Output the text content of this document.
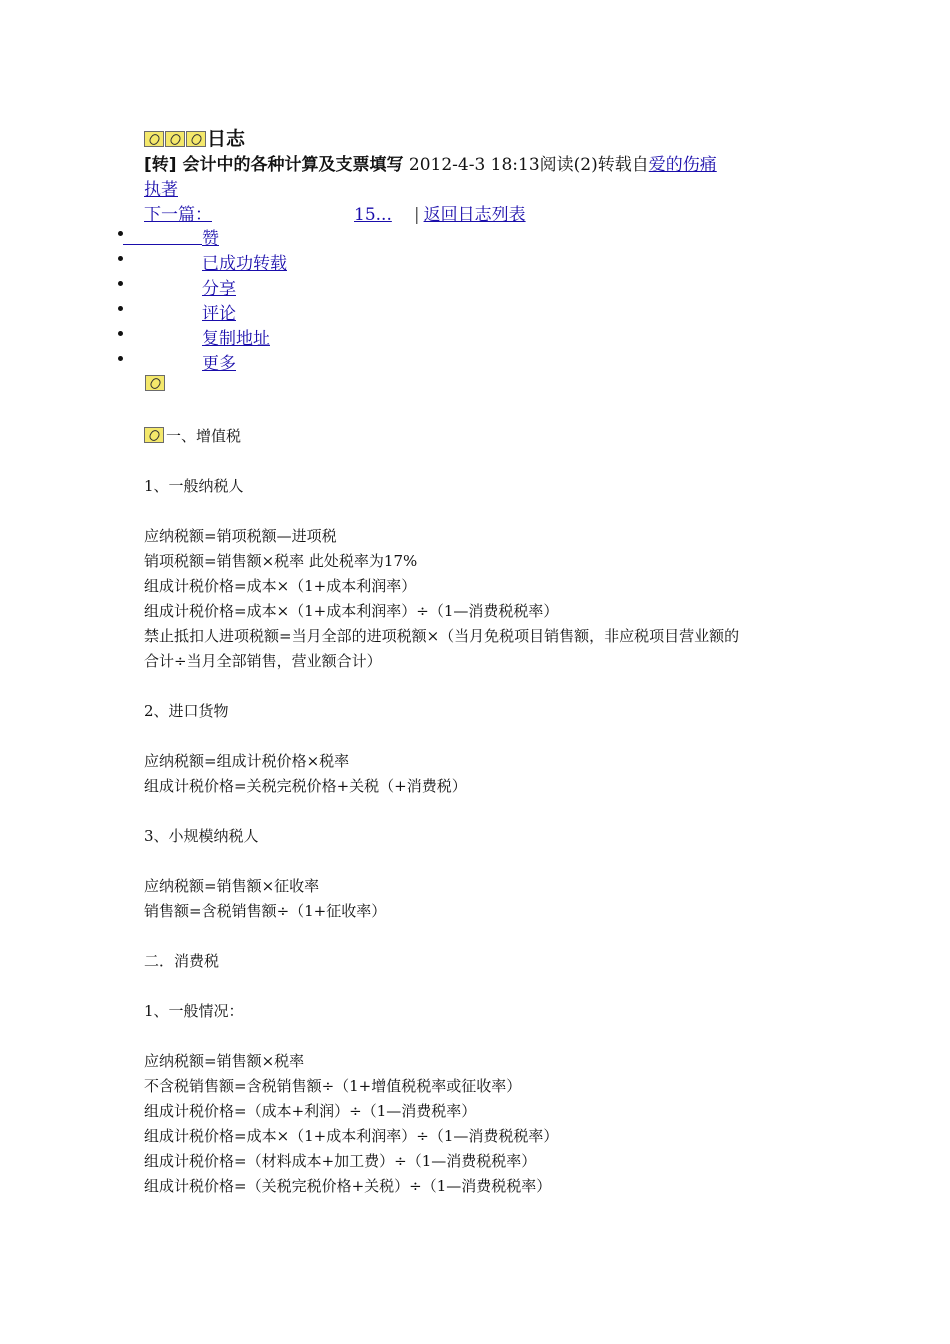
日志
[转] 会计中的各种计算及支票填写 2012-4-3 18:13阅读(2)转载自爱的伤痛
执著
下一篇：	15... | 返回日志列表
赞
已成功转载
分享
评论
复制地址
更多
一、增值税
1、一般纳税人
应纳税额=销项税额—进项税
销项税额=销售额×税率 此处税率为17%
组成计税价格=成本×（1+成本利润率）
组成计税价格=成本×（1+成本利润率）÷（1—消费税税率）
禁止抵扣人进项税额=当月全部的进项税额×（当月免税项目销售额，非应税项目营业额的
合计÷当月全部销售，营业额合计）
2、进口货物
应纳税额=组成计税价格×税率
组成计税价格=关税完税价格+关税（+消费税）
3、小规模纳税人
应纳税额=销售额×征收率
销售额=含税销售额÷（1+征收率）
二．消费税
1、一般情况：
应纳税额=销售额×税率
不含税销售额=含税销售额÷（1+增值税税率或征收率）
组成计税价格=（成本+利润）÷（1—消费税率）
组成计税价格=成本×（1+成本利润率）÷（1—消费税税率）
组成计税价格=（材料成本+加工费）÷（1—消费税税率）
组成计税价格=（关税完税价格+关税）÷（1—消费税税率）
